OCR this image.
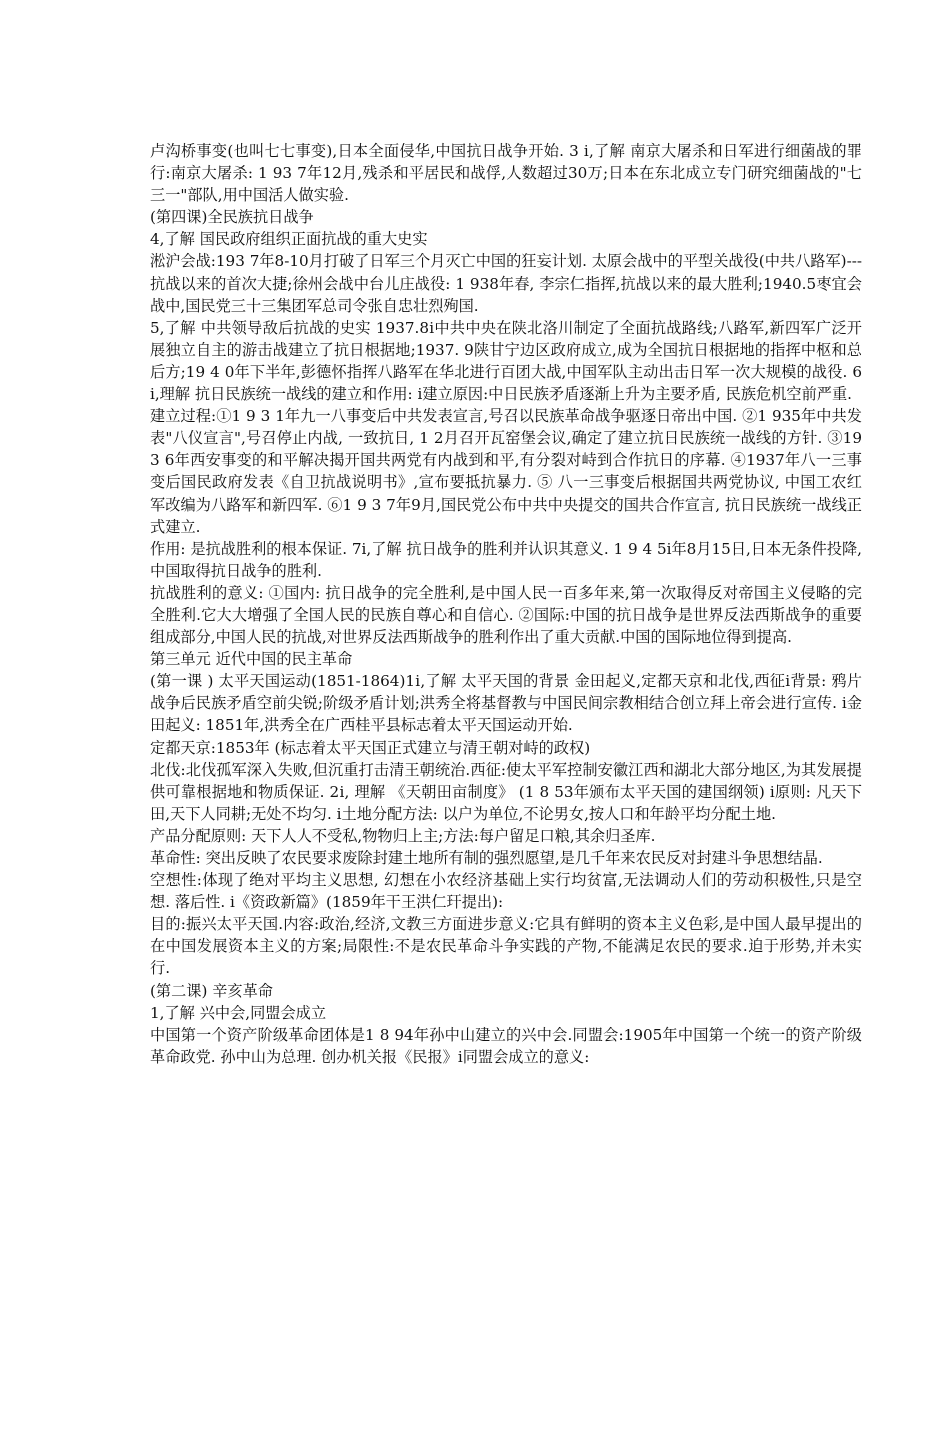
卢沟桥事变(也叫七七事变),日本全面侵华,中国抗日战争开始. 3 ⅰ,了解 南京大屠杀和日军进行细菌战的罪行:南京大屠杀: 1 93 7年12月,残杀和平居民和战俘,人数超过30万;日本在东北成立专门研究细菌战的"七三一"部队,用中国活人做实验.

(第四课)全民族抗日战争

4,了解 国民政府组织正面抗战的重大史实

淞沪会战:193 7年8-10月打破了日军三个月灭亡中国的狂妄计划. 太原会战中的平型关战役(中共八路军)---抗战以来的首次大捷;徐州会战中台儿庄战役: 1 938年春, 李宗仁指挥,抗战以来的最大胜利;1940.5枣宜会战中,国民党三十三集团军总司令张自忠壮烈殉国.

5,了解 中共领导敌后抗战的史实 1937.8ⅰ中共中央在陕北洛川制定了全面抗战路线;八路军,新四军广泛开展独立自主的游击战建立了抗日根据地;1937. 9陕甘宁边区政府成立,成为全国抗日根据地的指挥中枢和总后方;19 4 0年下半年,彭德怀指挥八路军在华北进行百团大战,中国军队主动出击日军一次大规模的战役. 6 ⅰ,理解 抗日民族统一战线的建立和作用: ⅰ建立原因:中日民族矛盾逐渐上升为主要矛盾, 民族危机空前严重.

建立过程:①1 9 3 1年九一八事变后中共发表宣言,号召以民族革命战争驱逐日帝出中国. ②1 935年中共发表"八仪宣言",号召停止内战, 一致抗日, 1 2月召开瓦窑堡会议,确定了建立抗日民族统一战线的方针. ③19 3 6年西安事变的和平解决揭开国共两党有内战到和平,有分裂对峙到合作抗日的序幕. ④1937年八一三事变后国民政府发表《自卫抗战说明书》,宣布要抵抗暴力. ⑤ 八一三事变后根据国共两党协议, 中国工农红军改编为八路军和新四军. ⑥1 9 3 7年9月,国民党公布中共中央提交的国共合作宣言, 抗日民族统一战线正式建立.

作用: 是抗战胜利的根本保证. 7ⅰ,了解 抗日战争的胜利并认识其意义. 1 9 4 5ⅰ年8月15日,日本无条件投降, 中国取得抗日战争的胜利.

抗战胜利的意义: ①国内: 抗日战争的完全胜利,是中国人民一百多年来,第一次取得反对帝国主义侵略的完全胜利.它大大增强了全国人民的民族自尊心和自信心. ②国际:中国的抗日战争是世界反法西斯战争的重要组成部分,中国人民的抗战,对世界反法西斯战争的胜利作出了重大贡献.中国的国际地位得到提高.

第三单元 近代中国的民主革命

(第一课 ) 太平天国运动(1851-1864)1ⅰ,了解 太平天国的背景 金田起义,定都天京和北伐,西征ⅰ背景: 鸦片战争后民族矛盾空前尖锐;阶级矛盾计划;洪秀全将基督教与中国民间宗教相结合创立拜上帝会进行宣传. ⅰ金田起义: 1851年,洪秀全在广西桂平县标志着太平天国运动开始.

定都天京:1853年 (标志着太平天国正式建立与清王朝对峙的政权)

北伐:北伐孤军深入失败,但沉重打击清王朝统治.西征:使太平军控制安徽江西和湖北大部分地区,为其发展提供可靠根据地和物质保证. 2ⅰ, 理解 《天朝田亩制度》 (1 8 53年颁布太平天国的建国纲领) ⅰ原则: 凡天下田,天下人同耕;无处不均匀. ⅰ土地分配方法: 以户为单位,不论男女,按人口和年龄平均分配土地.

产品分配原则: 天下人人不受私,物物归上主;方法:每户留足口粮,其余归圣库.

革命性: 突出反映了农民要求废除封建土地所有制的强烈愿望,是几千年来农民反对封建斗争思想结晶.

空想性:体现了绝对平均主义思想, 幻想在小农经济基础上实行均贫富,无法调动人们的劳动积极性,只是空想. 落后性. ⅰ《资政新篇》(1859年干王洪仁玕提出):

目的:振兴太平天国.内容:政治,经济,文教三方面进步意义:它具有鲜明的资本主义色彩,是中国人最早提出的在中国发展资本主义的方案;局限性:不是农民革命斗争实践的产物,不能满足农民的要求.迫于形势,并未实行.

(第二课) 辛亥革命

1,了解 兴中会,同盟会成立

中国第一个资产阶级革命团体是1 8 94年孙中山建立的兴中会.同盟会:1905年中国第一个统一的资产阶级革命政党. 孙中山为总理. 创办机关报《民报》ⅰ同盟会成立的意义:
